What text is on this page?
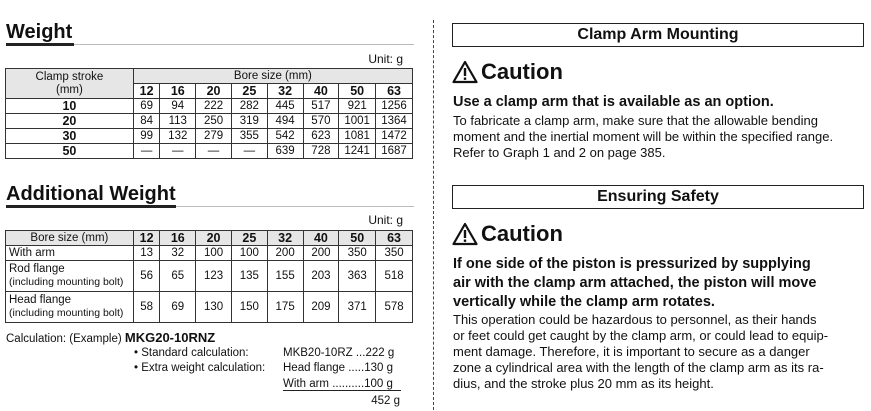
Weight
Unit: g
Clamp stroke
(mm)	Bore size (mm)							
	12	16	20	25	32	40	50	63
10	69	94	222	282	445	517	921	1256
20	84	113	250	319	494	570	1001	1364
30	99	132	279	355	542	623	1081	1472
50	—	—	—	—	639	728	1241	1687
Additional Weight
Unit: g
Bore size (mm)	12	16	20	25	32	40	50	63
With arm	13	32	100	100	200	200	350	350

Rod flange
(including mounting bolt)	56	65	123	135	155	203	363	518

Head flange
(including mounting bolt)	58	69	130	150	175	209	371	578
Calculation: (Example) MKG20-10RNZ
• Standard calculation:	MKB20-10RZ ...222 g
• Extra weight calculation: Head flange .....130 g
With arm ..........100 g
452 g
Clamp Arm Mounting
Caution
Use a clamp arm that is available as an option.
To fabricate a clamp arm, make sure that the allowable bending
moment and the inertial moment will be within the specified range.
Refer to Graph 1 and 2 on page 385.
Ensuring Safety
Caution
If one side of the piston is pressurized by supplying
air with the clamp arm attached, the piston will move
vertically while the clamp arm rotates.
This operation could be hazardous to personnel, as their hands
or feet could get caught by the clamp arm, or could lead to equip-
ment damage. Therefore, it is important to secure as a danger
zone a cylindrical area with the length of the clamp arm as its ra-
dius, and the stroke plus 20 mm as its height.
